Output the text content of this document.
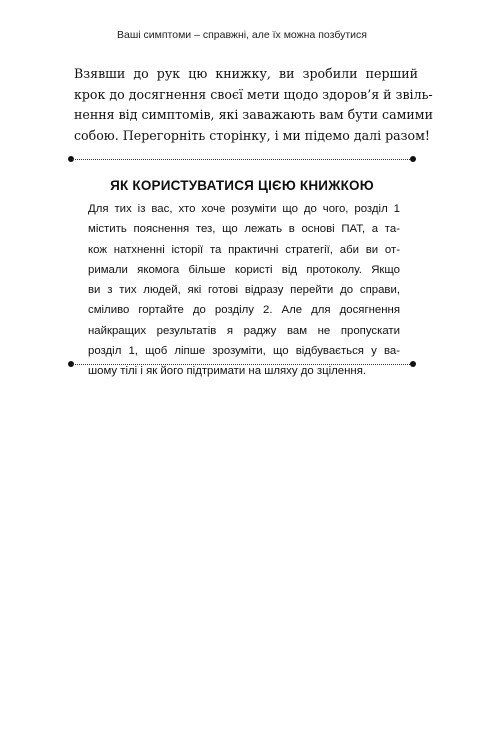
Ваші симптоми – справжні, але їх можна позбутися

Взявши до рук цю книжку, ви зробили перший
крок до досягнення своєї мети щодо здоров’я й звіль-
нення від симптомів, які заважають вам бути самими
собою. Перегорніть сторінку, і ми підемо далі разом!

ЯК КОРИСТУВАТИСЯ ЦІЄЮ КНИЖКОЮ

Для тих із вас, хто хоче розуміти що до чого, розділ 1
містить пояснення тез, що лежать в основі ПАТ, а та-
кож натхненні історії та практичні стратегії, аби ви от-
римали якомога більше користі від протоколу. Якщо
ви з тих людей, які готові відразу перейти до справи,
сміливо гортайте до розділу 2. Але для досягнення
найкращих результатів я раджу вам не пропускати
розділ 1, щоб ліпше зрозуміти, що відбувається у ва-
шому тілі і як його підтримати на шляху до зцілення.
